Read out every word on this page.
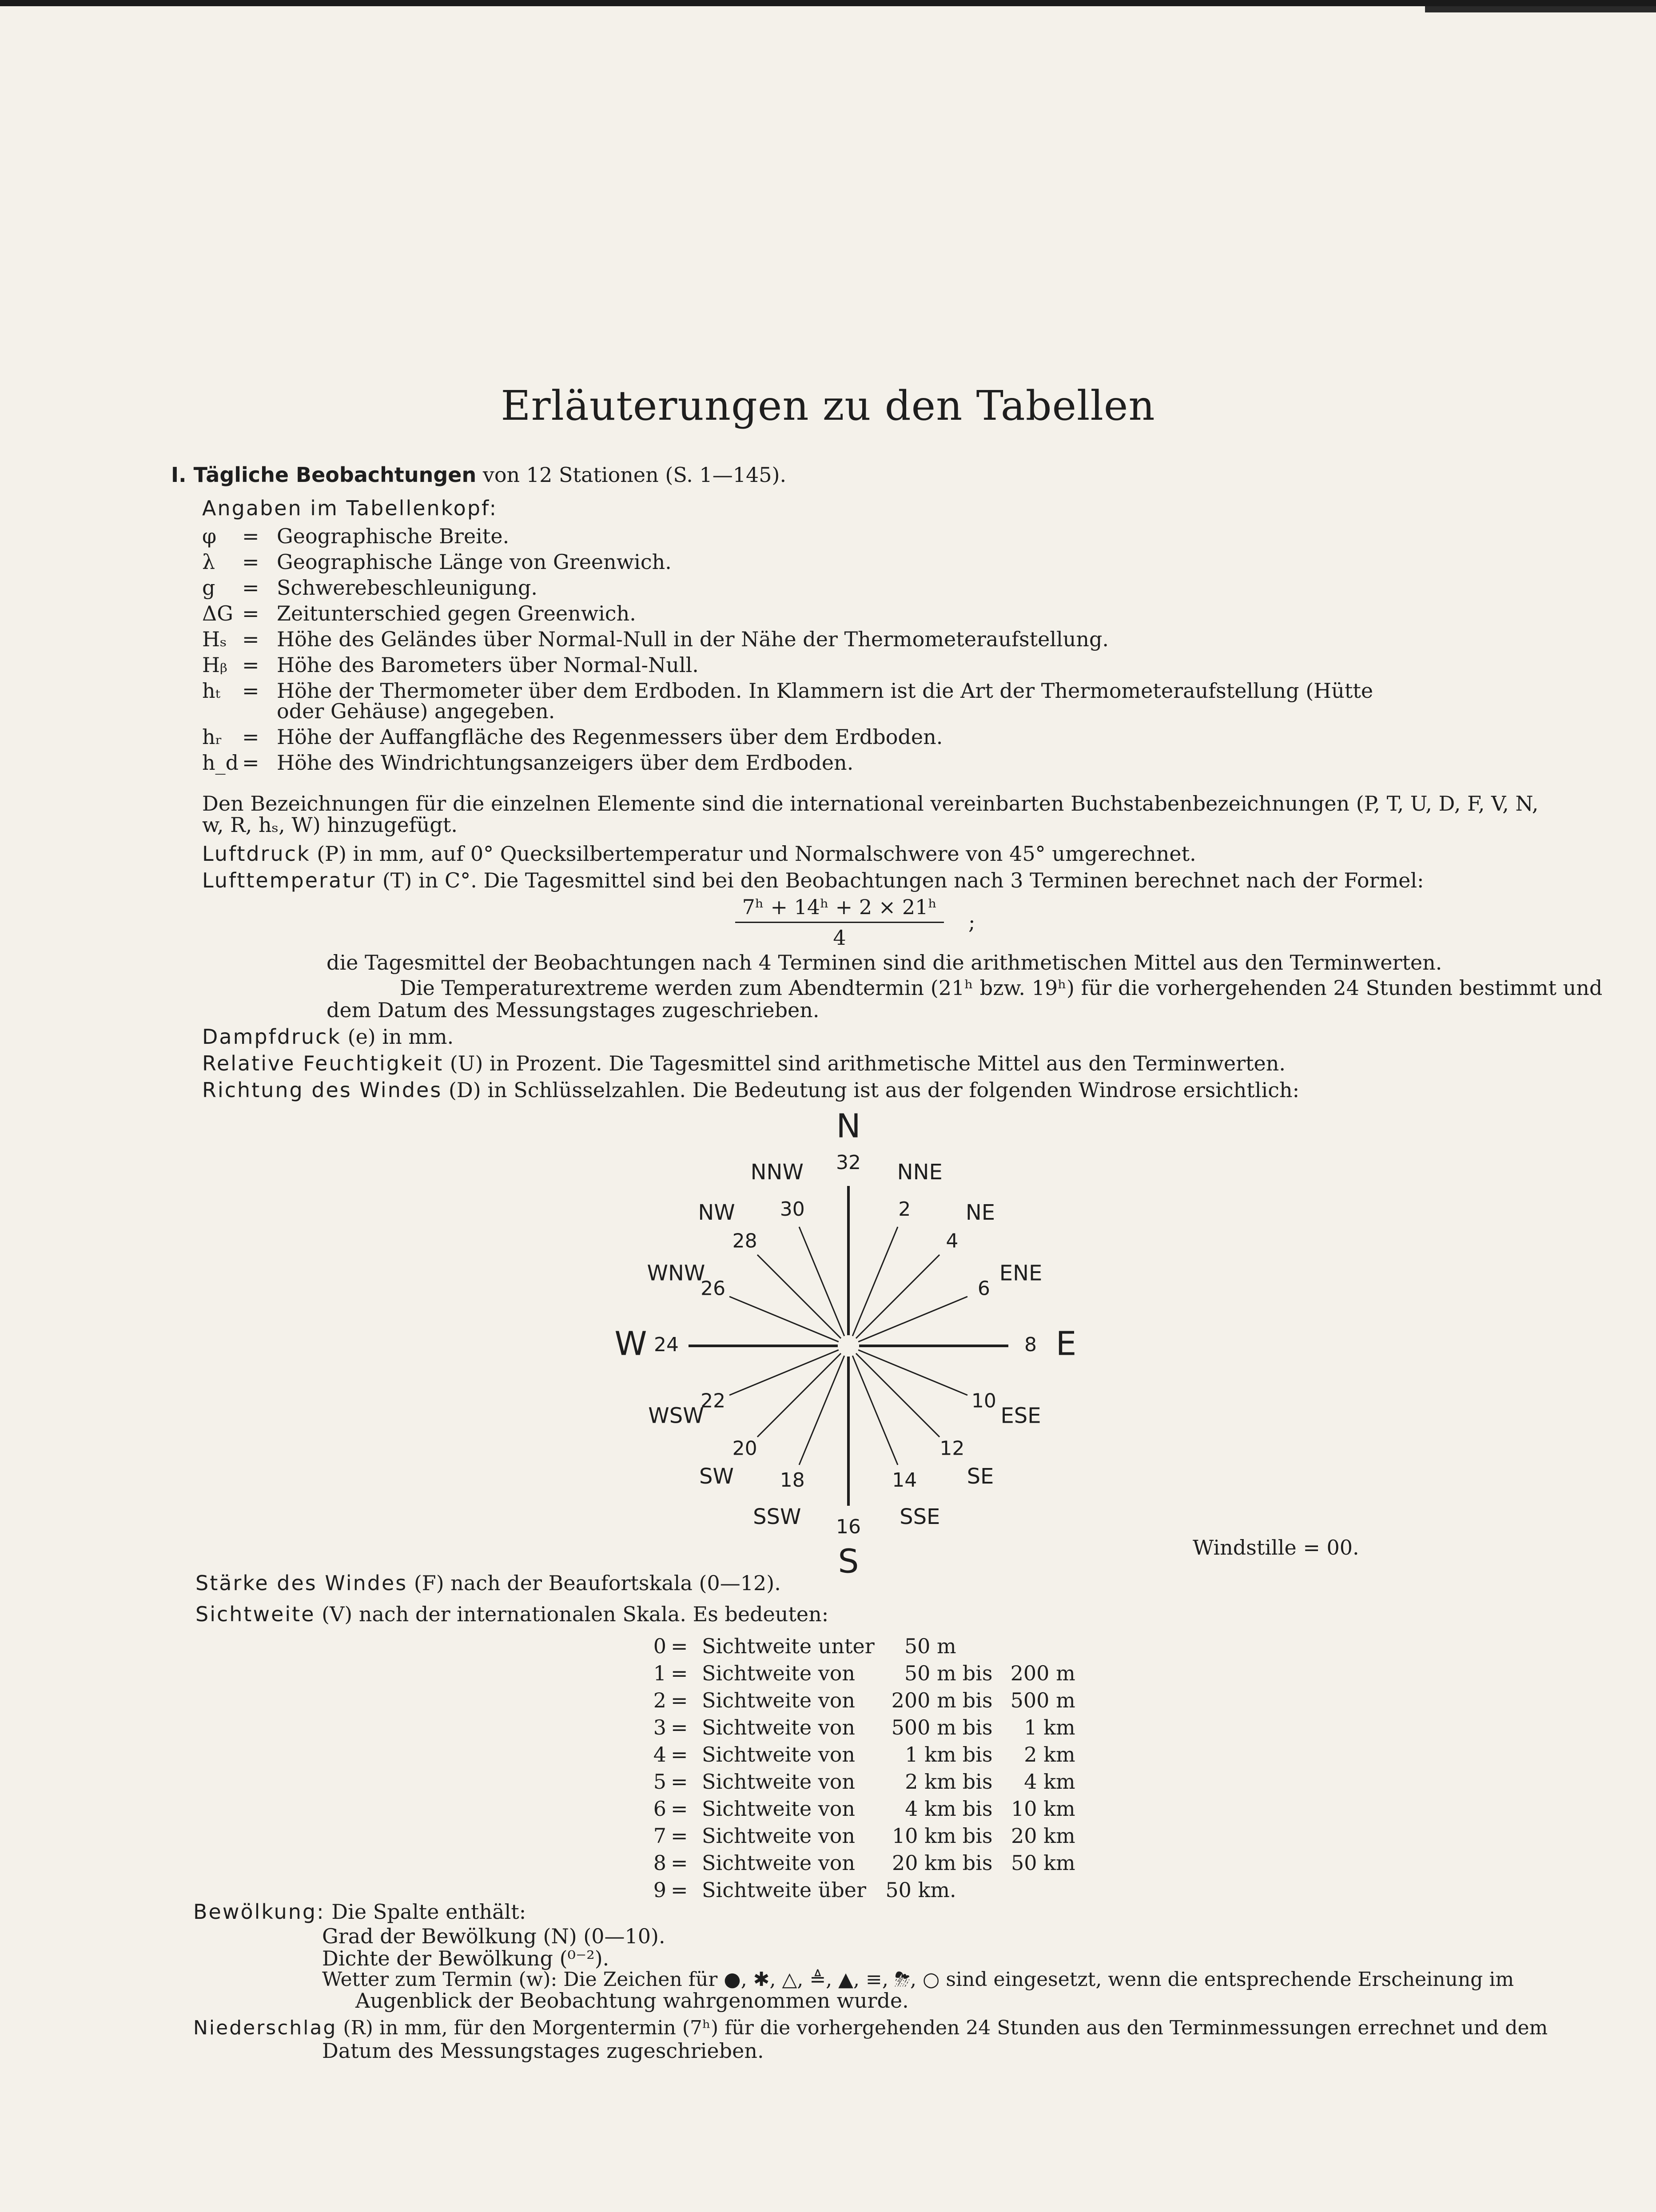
Erläuterungen zu den Tabellen
I. Tägliche Beobachtungen von 12 Stationen (S. 1—145).
Angaben im Tabellenkopf:
φ = Geographische Breite.
λ = Geographische Länge von Greenwich.
g = Schwerebeschleunigung.
ΔG = Zeitunterschied gegen Greenwich.
Hₛ = Höhe des Geländes über Normal-Null in der Nähe der Thermometeraufstellung.
Hᵦ = Höhe des Barometers über Normal-Null.
hₜ = Höhe der Thermometer über dem Erdboden. In Klammern ist die Art der Thermometeraufstellung (Hütte
oder Gehäuse) angegeben.
hᵣ = Höhe der Auffangfläche des Regenmessers über dem Erdboden.
h_d = Höhe des Windrichtungsanzeigers über dem Erdboden.
Den Bezeichnungen für die einzelnen Elemente sind die international vereinbarten Buchstabenbezeichnungen (P, T, U, D, F, V, N,
w, R, hₛ, W) hinzugefügt.
Luftdruck (P) in mm, auf 0° Quecksilbertemperatur und Normalschwere von 45° umgerechnet.
Lufttemperatur (T) in C°. Die Tagesmittel sind bei den Beobachtungen nach 3 Terminen berechnet nach der Formel:
7ʰ + 14ʰ + 2 × 21ʰ
4
;
die Tagesmittel der Beobachtungen nach 4 Terminen sind die arithmetischen Mittel aus den Terminwerten.
Die Temperaturextreme werden zum Abendtermin (21ʰ bzw. 19ʰ) für die vorhergehenden 24 Stunden bestimmt und
dem Datum des Messungstages zugeschrieben.
Dampfdruck (e) in mm.
Relative Feuchtigkeit (U) in Prozent. Die Tagesmittel sind arithmetische Mittel aus den Terminwerten.
Richtung des Windes (D) in Schlüsselzahlen. Die Bedeutung ist aus der folgenden Windrose ersichtlich:
32
N
2
NNE
4
NE
6
ENE
8 E
10
ESE
12
SE
14
SSE
16
S
18
SSW
20
SW
22
WSW
24
W
26
WNW
28
NW 30
NNW
Windstille = 00.
Stärke des Windes (F) nach der Beaufortskala (0—12).
Sichtweite (V) nach der internationalen Skala. Es bedeuten:
0	=	Sichtweite unter	50 m		
1	=	Sichtweite von	50 m	bis	200 m
2	=	Sichtweite von	200 m	bis	500 m
3	=	Sichtweite von	500 m	bis	1 km
4	=	Sichtweite von	1 km	bis	2 km
5	=	Sichtweite von	2 km	bis	4 km
6	=	Sichtweite von	4 km	bis	10 km
7	=	Sichtweite von	10 km	bis	20 km
8	=	Sichtweite von	20 km	bis	50 km
9	=	Sichtweite über	50 km.		
Bewölkung: Die Spalte enthält:
Grad der Bewölkung (N) (0—10).
Dichte der Bewölkung (⁰⁻²).
Wetter zum Termin (w): Die Zeichen für ●, ✱, △, ≜, ▲, ≡, ⛈, ○ sind eingesetzt, wenn die entsprechende Erscheinung im
Augenblick der Beobachtung wahrgenommen wurde.
Niederschlag (R) in mm, für den Morgentermin (7ʰ) für die vorhergehenden 24 Stunden aus den Terminmessungen errechnet und dem
Datum des Messungstages zugeschrieben.
